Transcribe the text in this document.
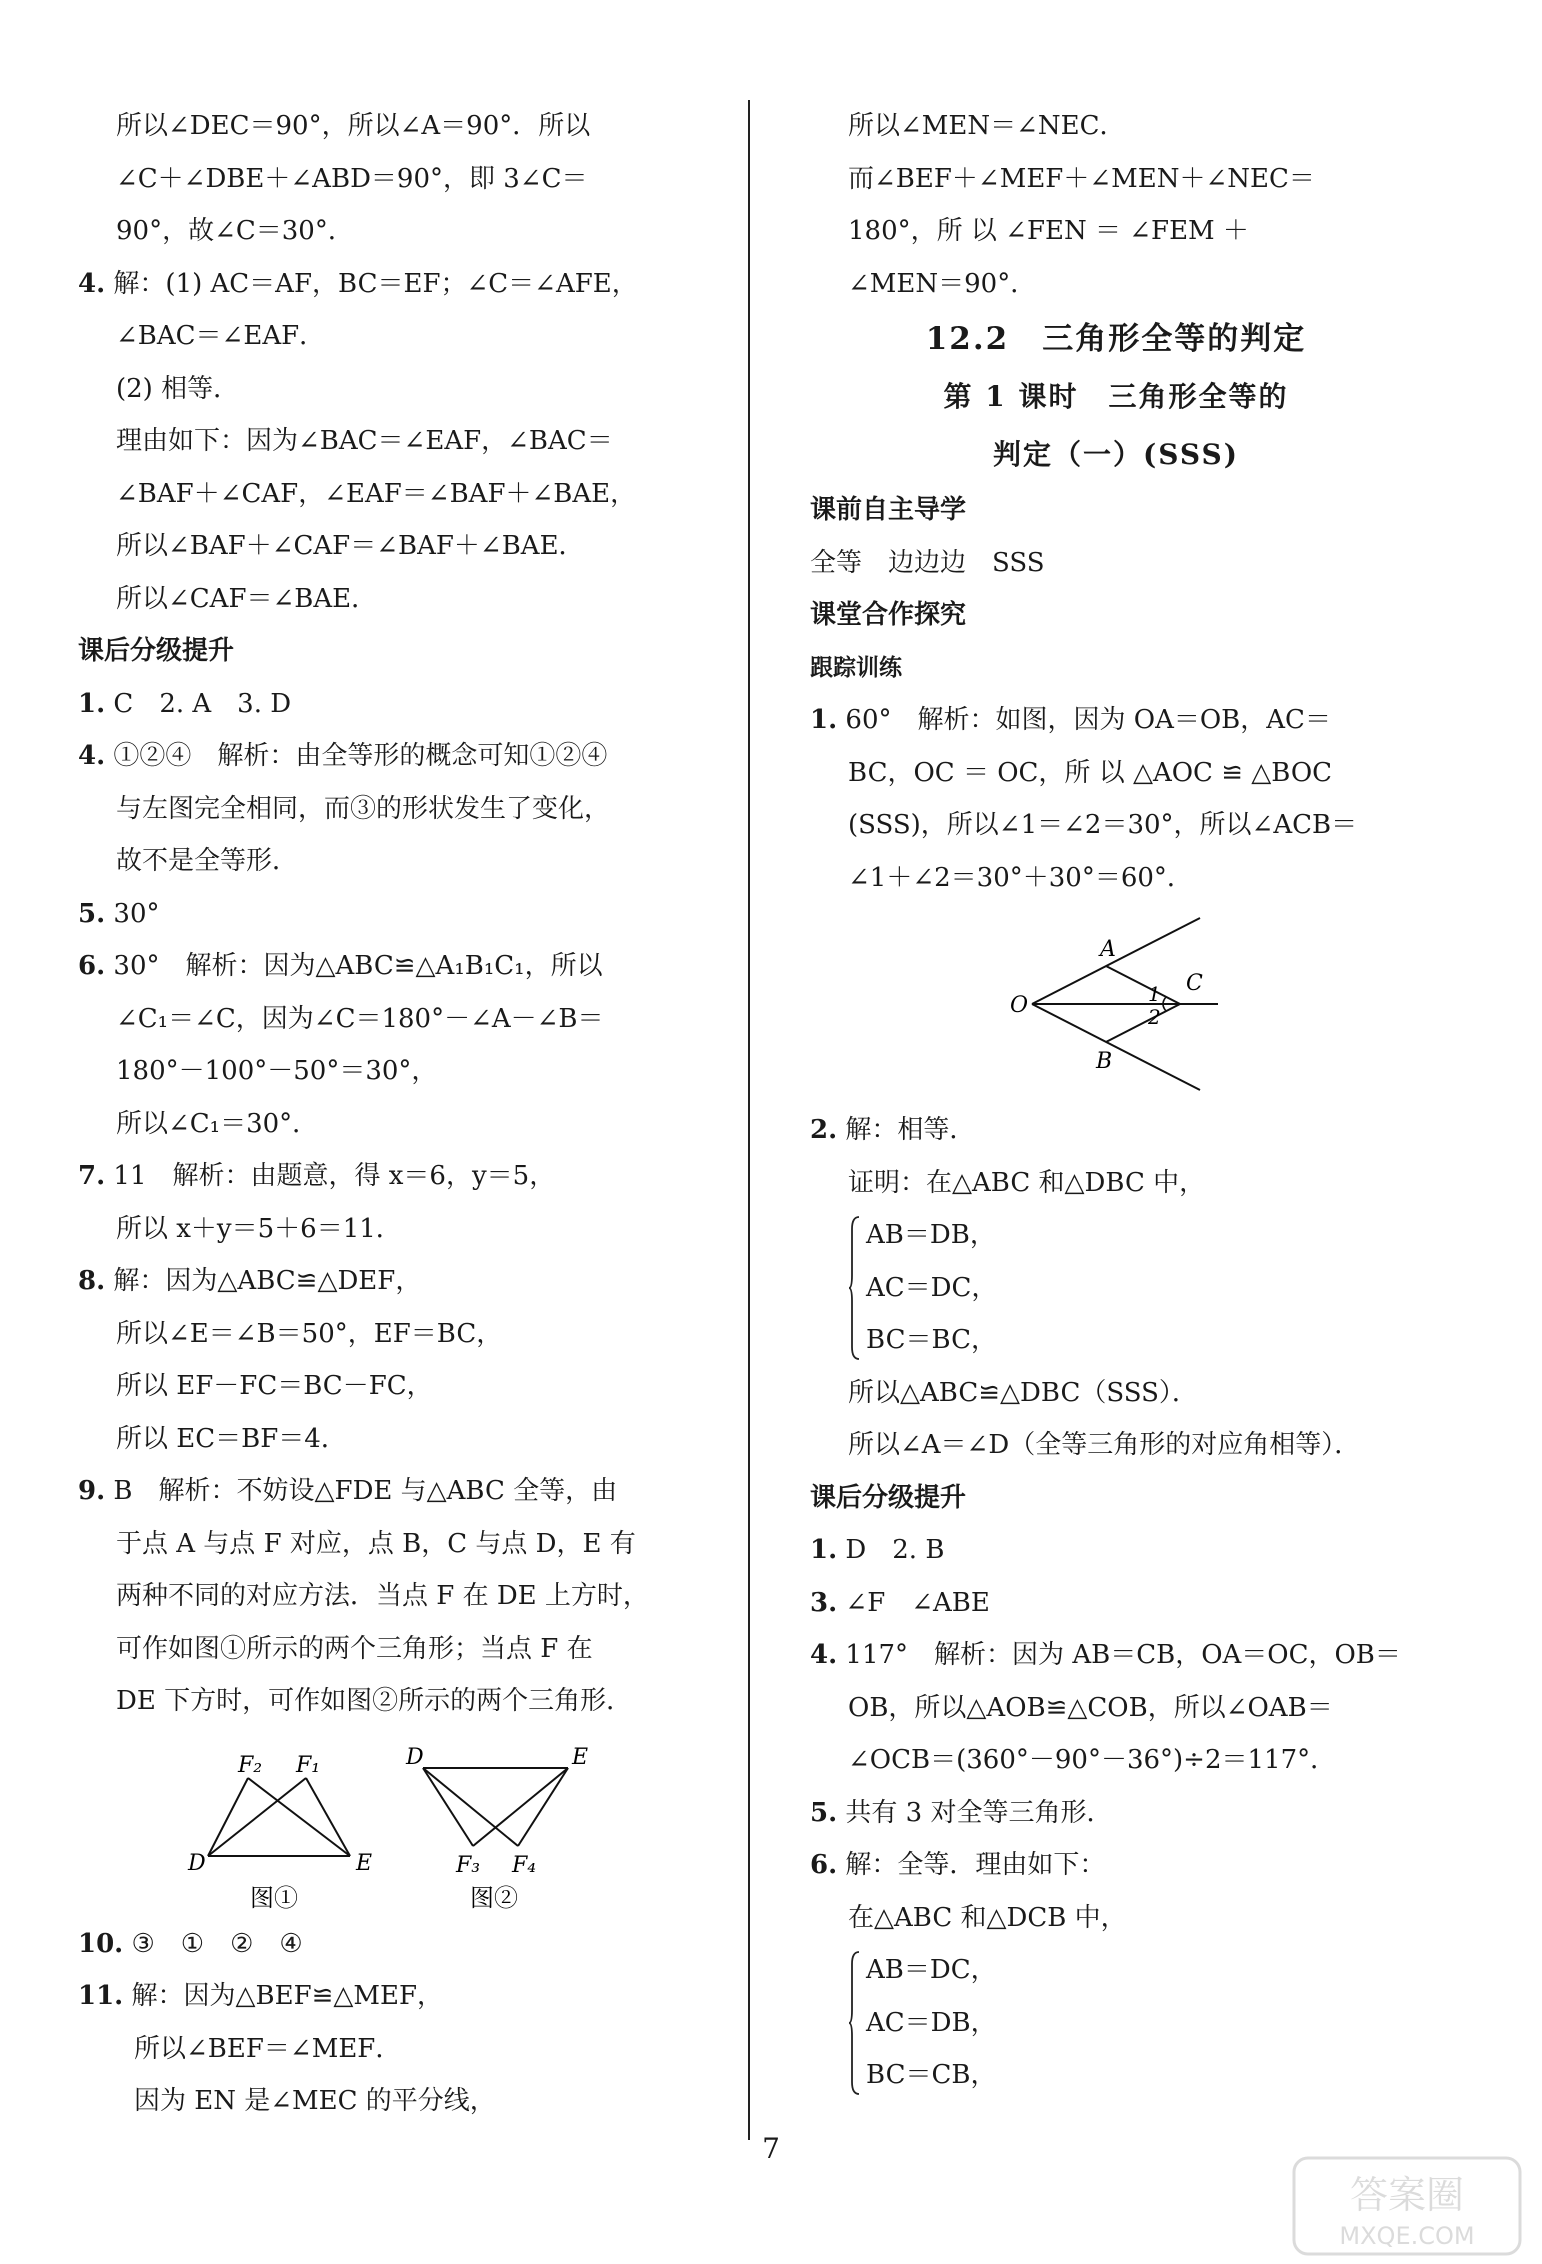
所以∠DEC＝90°，所以∠A＝90°．所以
∠C＋∠DBE＋∠ABD＝90°，即 3∠C＝
90°，故∠C＝30°．
4. 解：(1) AC＝AF，BC＝EF；∠C＝∠AFE，
∠BAC＝∠EAF．
(2) 相等．
理由如下：因为∠BAC＝∠EAF，∠BAC＝
∠BAF＋∠CAF，∠EAF＝∠BAF＋∠BAE，
所以∠BAF＋∠CAF＝∠BAF＋∠BAE．
所以∠CAF＝∠BAE．
课后分级提升
1. C　2. A　3. D
4. ①②④　解析：由全等形的概念可知①②④
与左图完全相同，而③的形状发生了变化，
故不是全等形．
5. 30°
6. 30°　解析：因为△ABC≌△A₁B₁C₁，所以
∠C₁＝∠C，因为∠C＝180°－∠A－∠B＝
180°－100°－50°＝30°，
所以∠C₁＝30°．
7. 11　解析：由题意，得 x＝6，y＝5，
所以 x＋y＝5＋6＝11．
8. 解：因为△ABC≌△DEF，
所以∠E＝∠B＝50°，EF＝BC，
所以 EF－FC＝BC－FC，
所以 EC＝BF＝4．
9. B　解析：不妨设△FDE 与△ABC 全等，由
于点 A 与点 F 对应，点 B，C 与点 D，E 有
两种不同的对应方法．当点 F 在 DE 上方时，
可作如图①所示的两个三角形；当点 F 在
DE 下方时，可作如图②所示的两个三角形．
F₂ F₁
D	E
图①
D	E
F₃ F₄
图②
10. ③　①　②　④
11. 解：因为△BEF≌△MEF，
所以∠BEF＝∠MEF．
因为 EN 是∠MEC 的平分线，
所以∠MEN＝∠NEC．
而∠BEF＋∠MEF＋∠MEN＋∠NEC＝
180°，所 以 ∠FEN ＝ ∠FEM ＋
∠MEN＝90°．
12.2　三角形全等的判定
第 1 课时　三角形全等的
判定（一）(SSS)
课前自主导学
全等　边边边　SSS
课堂合作探究
跟踪训练
1. 60°　解析：如图，因为 OA＝OB，AC＝
BC，OC ＝ OC，所 以 △AOC ≌ △BOC
(SSS)，所以∠1＝∠2＝30°，所以∠ACB＝
∠1＋∠2＝30°＋30°＝60°．
A
O
C
B
1
2
2. 解：相等．
证明：在△ABC 和△DBC 中，
AB＝DB，
AC＝DC，
BC＝BC，
所以△ABC≌△DBC（SSS）．
所以∠A＝∠D（全等三角形的对应角相等）．
课后分级提升
1. D　2. B
3. ∠F　∠ABE
4. 117°　解析：因为 AB＝CB，OA＝OC，OB＝
OB，所以△AOB≌△COB，所以∠OAB＝
∠OCB＝(360°－90°－36°)÷2＝117°．
5. 共有 3 对全等三角形．
6. 解：全等．理由如下：
在△ABC 和△DCB 中，
AB＝DC，
AC＝DB，
BC＝CB，
7
答案圈
MXQE.COM
